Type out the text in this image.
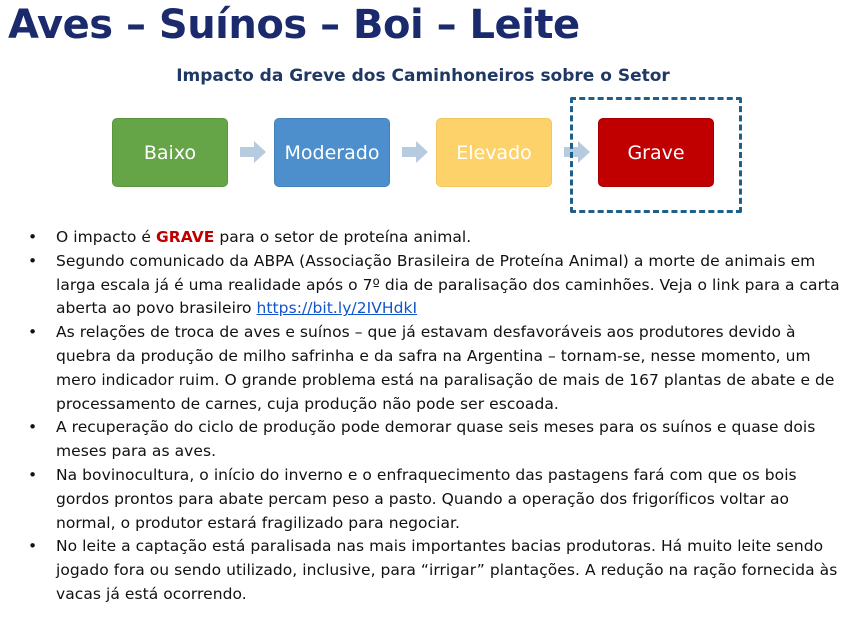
Aves – Suínos – Boi – Leite
Impacto da Greve dos Caminhoneiros sobre o Setor
Baixo	Moderado	Elevado	Grave
•	O impacto é GRAVE para o setor de proteína animal.
•	Segundo comunicado da ABPA (Associação Brasileira de Proteína Animal) a morte de animais em larga escala já é uma realidade após o 7º dia de paralisação dos caminhões. Veja o link para a carta aberta ao povo brasileiro https://bit.ly/2IVHdkI
•	As relações de troca de aves e suínos – que já estavam desfavoráveis aos produtores devido à quebra da produção de milho safrinha e da safra na Argentina – tornam-se, nesse momento, um mero indicador ruim. O grande problema está na paralisação de mais de 167 plantas de abate e de processamento de carnes, cuja produção não pode ser escoada.
•	A recuperação do ciclo de produção pode demorar quase seis meses para os suínos e quase dois meses para as aves.
•	Na bovinocultura, o início do inverno e o enfraquecimento das pastagens fará com que os bois gordos prontos para abate percam peso a pasto. Quando a operação dos frigoríficos voltar ao normal, o produtor estará fragilizado para negociar.
•	No leite a captação está paralisada nas mais importantes bacias produtoras. Há muito leite sendo jogado fora ou sendo utilizado, inclusive, para “irrigar” plantações. A redução na ração fornecida às vacas já está ocorrendo.
